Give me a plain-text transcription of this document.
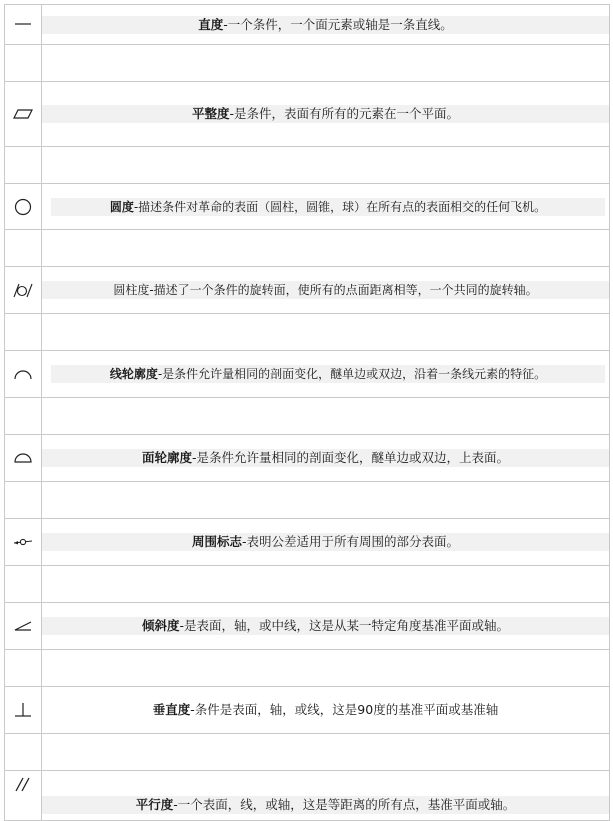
直度-一个条件，一个面元素或轴是一条直线。

平整度-是条件，表面有所有的元素在一个平面。

圆度-描述条件对革命的表面（圆柱，圆锥，球）在所有点的表面相交的任何飞机。

圆柱度-描述了一个条件的旋转面，使所有的点面距离相等，一个共同的旋转轴。

线轮廓度-是条件允许量相同的剖面变化，醚单边或双边，沿着一条线元素的特征。

面轮廓度-是条件允许量相同的剖面变化，醚单边或双边，上表面。

周围标志-表明公差适用于所有周围的部分表面。

倾斜度-是表面，轴，或中线，这是从某一特定角度基准平面或轴。

垂直度-条件是表面，轴，或线，这是90度的基准平面或基准轴

平行度-一个表面，线，或轴，这是等距离的所有点，基准平面或轴。
